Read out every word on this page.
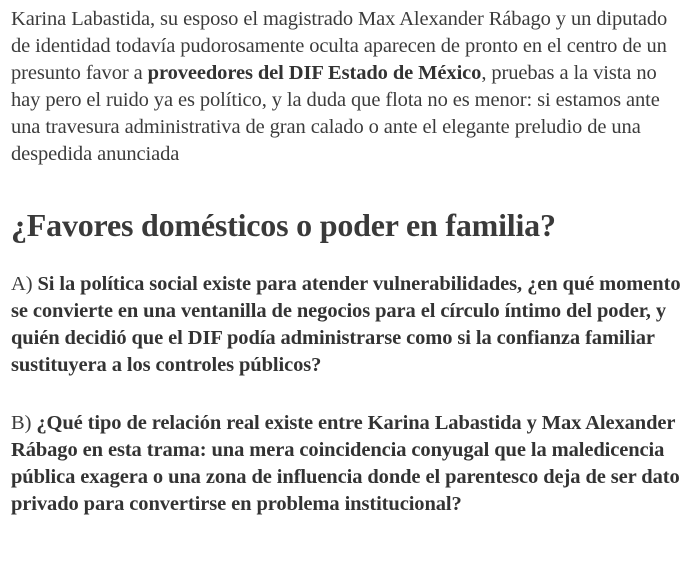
Karina Labastida, su esposo el magistrado Max Alexander Rábago y un diputado de identidad todavía pudorosamente oculta aparecen de pronto en el centro de un presunto favor a proveedores del DIF Estado de México, pruebas a la vista no hay pero el ruido ya es político, y la duda que flota no es menor: si estamos ante una travesura administrativa de gran calado o ante el elegante preludio de una despedida anunciada

¿Favores domésticos o poder en familia?

A) Si la política social existe para atender vulnerabilidades, ¿en qué momento se convierte en una ventanilla de negocios para el círculo íntimo del poder, y quién decidió que el DIF podía administrarse como si la confianza familiar sustituyera a los controles públicos?

B) ¿Qué tipo de relación real existe entre Karina Labastida y Max Alexander Rábago en esta trama: una mera coincidencia conyugal que la maledicencia pública exagera o una zona de influencia donde el parentesco deja de ser dato privado para convertirse en problema institucional?
